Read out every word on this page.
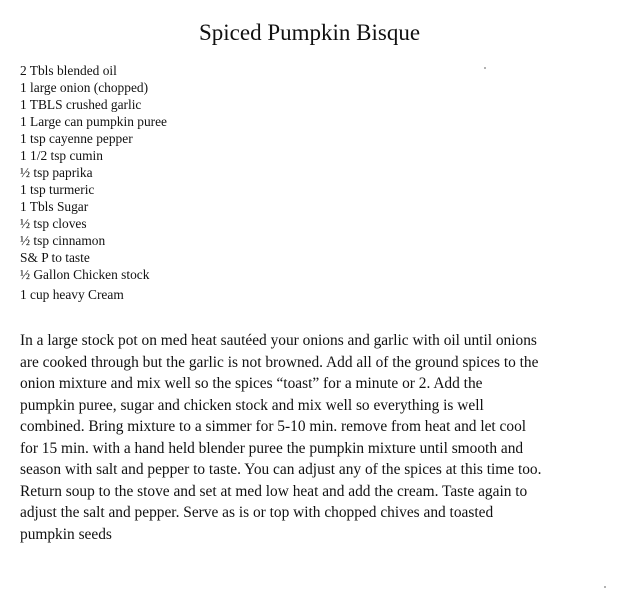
Spiced Pumpkin Bisque
2 Tbls blended oil
1 large onion (chopped)
1 TBLS crushed garlic
1 Large can pumpkin puree
1 tsp cayenne pepper
1 1/2 tsp cumin
½ tsp paprika
1 tsp turmeric
1 Tbls Sugar
½ tsp cloves
½ tsp cinnamon
S& P to taste
½ Gallon Chicken stock
1 cup heavy Cream

In a large stock pot on med heat sautéed your onions and garlic with oil until onions
are cooked through but the garlic is not browned. Add all of the ground spices to the
onion mixture and mix well so the spices “toast” for a minute or 2. Add the
pumpkin puree, sugar and chicken stock and mix well so everything is well
combined. Bring mixture to a simmer for 5-10 min. remove from heat and let cool
for 15 min. with a hand held blender puree the pumpkin mixture until smooth and
season with salt and pepper to taste. You can adjust any of the spices at this time too.
Return soup to the stove and set at med low heat and add the cream. Taste again to
adjust the salt and pepper. Serve as is or top with chopped chives and toasted
pumpkin seeds
